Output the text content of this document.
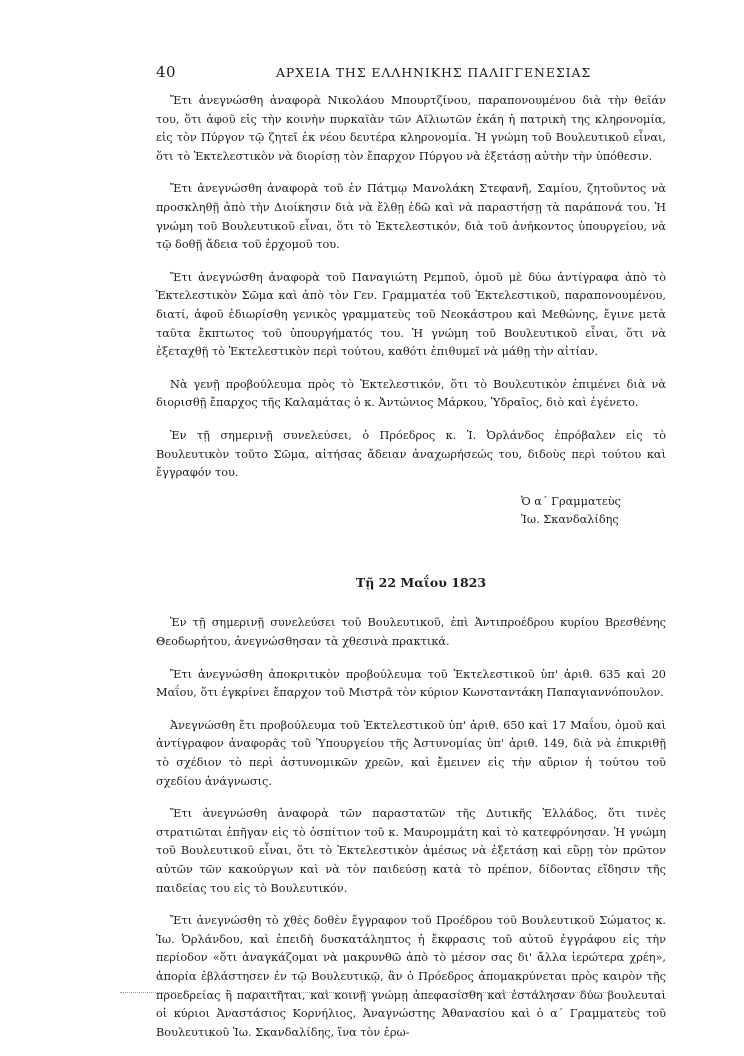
40	ΑΡΧΕΙΑ ΤΗΣ ΕΛΛΗΝΙΚΗΣ ΠΑΛΙΓΓΕΝΕΣΙΑΣ

Ἔτι ἀνεγνώσθη ἀναφορὰ Νικολάου Μπουρτζίνου, παραπονουμένου διὰ τὴν θεῖάν του, ὅτι ἀφοῦ εἰς τὴν κοινὴν πυρκαϊὰν τῶν Αϊλιωτῶν ἐκάη ἡ πατρικὴ της κληρονομία, εἰς τὸν Πύργον τῷ ζητεῖ ἐκ νέου δευτέρα κληρονομία. Ἡ γνώμη τοῦ Βουλευτικοῦ εἶναι, ὅτι τὸ Ἐκτελεστικὸν νὰ διορίσῃ τὸν ἔπαρχον Πύργου νὰ ἐξετάσῃ αὐτὴν τὴν ὑπόθεσιν.

Ἔτι ἀνεγνώσθη ἀναφορὰ τοῦ ἐν Πάτμῳ Μανολάκη Στεφανῆ, Σαμίου, ζητοῦντος νὰ προσκληθῇ ἀπὸ τὴν Διοίκησιν διὰ νὰ ἔλθῃ ἐδῶ καὶ νὰ παραστήσῃ τὰ παράπονά του. Ἡ γνώμη τοῦ Βουλευτικοῦ εἶναι, ὅτι τὸ Ἐκτελεστικόν, διὰ τοῦ ἀνήκοντος ὑπουργείου, νὰ τῷ δοθῇ ἄδεια τοῦ ἐρχομοῦ του.

Ἔτι ἀνεγνώσθη ἀναφορὰ τοῦ Παναγιώτη Ρεμποῦ, ὁμοῦ μὲ δύω ἀντίγραφα ἀπὸ τὸ Ἐκτελεστικὸν Σῶμα καὶ ἀπὸ τὸν Γεν. Γραμματέα τοῦ Ἐκτελεστικοῦ, παραπονουμένου, διατί, ἀφοῦ ἐδιωρίσθη γενικὸς γραμματεὺς τοῦ Νεοκάστρου καὶ Μεθώνης, ἔγινε μετὰ ταῦτα ἔκπτωτος τοῦ ὑπουργήματός του. Ἡ γνώμη τοῦ Βουλευτικοῦ εἶναι, ὅτι νὰ ἐξεταχθῇ τὸ Ἐκτελεστικὸν περὶ τούτου, καθότι ἐπιθυμεῖ νὰ μάθῃ τὴν αἰτίαν.

Νὰ γενῇ προβούλευμα πρὸς τὸ Ἐκτελεστικόν, ὅτι τὸ Βουλευτικὸν ἐπιμένει διὰ νὰ διορισθῇ ἔπαρχος τῆς Καλαμάτας ὁ κ. Ἀντώνιος Μάρκου, Ὑδραῖος, διὸ καὶ ἐγένετο.

Ἐν τῇ σημερινῇ συνελεύσει, ὁ Πρόεδρος κ. Ἰ. Ὀρλάνδος ἐπρόβαλεν εἰς τὸ Βουλευτικὸν τοῦτο Σῶμα, αἰτήσας ἄδειαν ἀναχωρήσεώς του, διδοὺς περὶ τούτου καὶ ἔγγραφόν του.

Ὁ α΄ Γραμματεὺς
Ἰω. Σκανδαλίδης
Τῇ 22 Μαΐου 1823

Ἐν τῇ σημερινῇ συνελεύσει τοῦ Βουλευτικοῦ, ἐπὶ Ἀντιπροέδρου κυρίου Βρεσθένης Θεοδωρήτου, ἀνεγνώσθησαν τὰ χθεσινὰ πρακτικά.

Ἔτι ἀνεγνώσθη ἀποκριτικὸν προβούλευμα τοῦ Ἐκτελεστικοῦ ὑπ' ἀριθ. 635 καὶ 20 Μαΐου, ὅτι ἐγκρίνει ἔπαρχον τοῦ Μιστρᾶ τὸν κύριον Κωνσταντάκη Παπαγιαννόπουλον.

Ἀνεγνώσθη ἔτι προβούλευμα τοῦ Ἐκτελεστικοῦ ὑπ' ἀριθ. 650 καὶ 17 Μαΐου, ὁμοῦ καὶ ἀντίγραφον ἀναφορᾶς τοῦ Ὑπουργείου τῆς Ἀστυνομίας ὑπ' ἀριθ. 149, διὰ νὰ ἐπικριθῇ τὸ σχέδιον τὸ περὶ ἀστυνομικῶν χρεῶν, καὶ ἔμεινεν εἰς τὴν αὔριον ἡ τούτου τοῦ σχεδίου ἀνάγνωσις.

Ἔτι ἀνεγνώσθη ἀναφορὰ τῶν παραστατῶν τῆς Δυτικῆς Ἑλλάδος, ὅτι τινὲς στρατιῶται ἐπῆγαν εἰς τὸ ὀσπίτιον τοῦ κ. Μαυρομμάτη καὶ τὸ κατεφρόνησαν. Ἡ γνώμη τοῦ Βουλευτικοῦ εἶναι, ὅτι τὸ Ἐκτελεστικὸν ἀμέσως νὰ ἐξετάσῃ καὶ εὕρῃ τὸν πρῶτον αὐτῶν τῶν κακούργων καὶ νὰ τὸν παιδεύσῃ κατὰ τὸ πρέπον, δίδοντας εἴδησιν τῆς παιδείας του εἰς τὸ Βουλευτικόν.

Ἔτι ἀνεγνώσθη τὸ χθὲς δοθὲν ἔγγραφον τοῦ Προέδρου τοῦ Βουλευτικοῦ Σώματος κ. Ἰω. Ὀρλάνδου, καὶ ἐπειδὴ δυσκατάληπτος ἡ ἔκφρασις τοῦ αὐτοῦ ἐγγράφου εἰς τὴν περίοδον «ὅτι ἀναγκάζομαι νὰ μακρυνθῶ ἀπὸ τὸ μέσον σας δι' ἄλλα ἱερώτερα χρέη», ἀπορία ἐβλάστησεν ἐν τῷ Βουλευτικῷ, ἂν ὁ Πρόεδρος ἀπομακρύνεται πρὸς καιρὸν τῆς προεδρείας ἢ παραιτῆται, καὶ κοινῇ γνώμῃ ἀπεφασίσθη καὶ ἐστάλησαν δύω βουλευταὶ οἱ κύριοι Ἀναστάσιος Κορνήλιος, Ἀναγνώστης Ἀθανασίου καὶ ὁ α΄ Γραμματεὺς τοῦ Βουλευτικοῦ Ἰω. Σκανδαλίδης, ἵνα τὸν ἐρω-
